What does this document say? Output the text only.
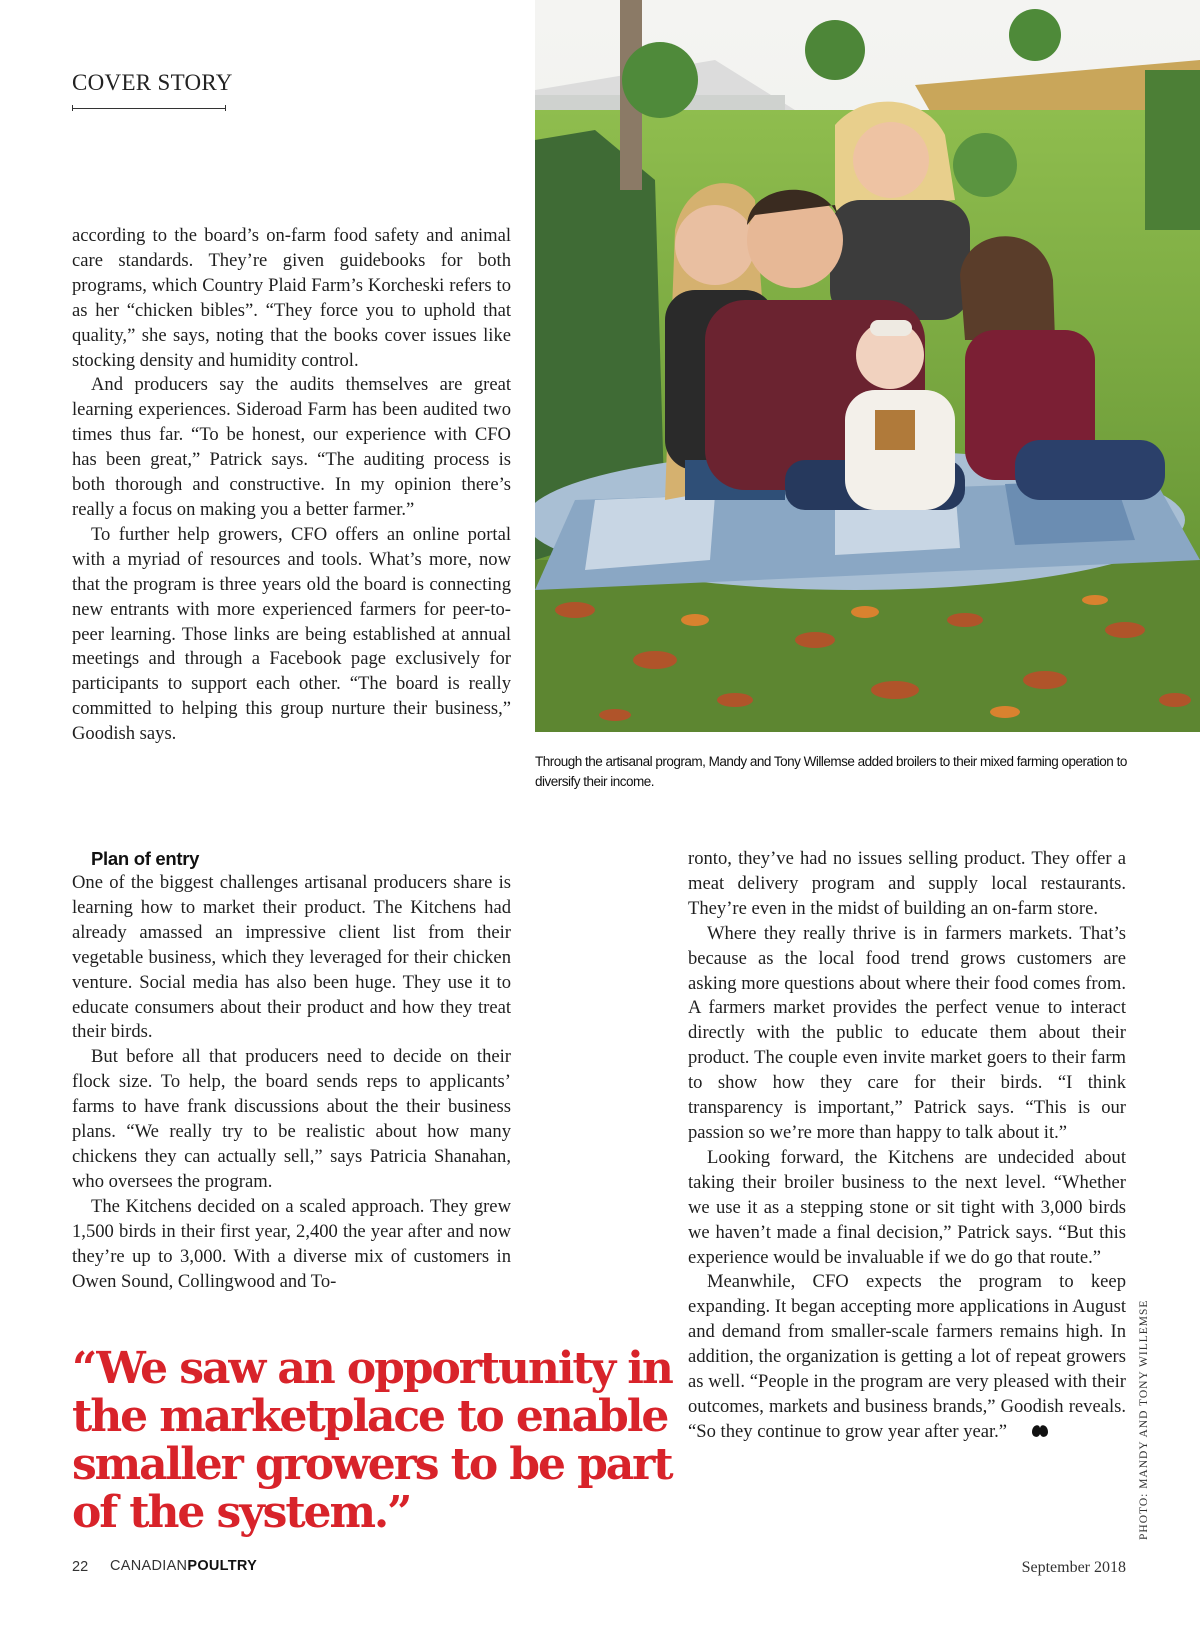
COVER STORY

according to the board’s on-farm food safety and animal care standards. They’re given guidebooks for both programs, which Country Plaid Farm’s Korcheski refers to as her “chicken bibles”. “They force you to uphold that quality,” she says, noting that the books cover issues like stocking density and humidity control.

And producers say the audits themselves are great learning experiences. Sideroad Farm has been audited two times thus far. “To be honest, our experience with CFO has been great,” Patrick says. “The auditing process is both thorough and constructive. In my opinion there’s really a focus on making you a better farmer.”

To further help growers, CFO offers an online portal with a myriad of resources and tools. What’s more, now that the program is three years old the board is connecting new entrants with more experienced farmers for peer-to-peer learning. Those links are being established at annual meetings and through a Facebook page exclusively for participants to support each other. “The board is really committed to helping this group nurture their business,” Goodish says.

Through the artisanal program, Mandy and Tony Willemse added broilers to their mixed farming operation to diversify their income.

Plan of entry

One of the biggest challenges artisanal producers share is learning how to market their product. The Kitchens had already amassed an impressive client list from their vegetable business, which they leveraged for their chicken venture. Social media has also been huge. They use it to educate consumers about their product and how they treat their birds.

But before all that producers need to decide on their flock size. To help, the board sends reps to applicants’ farms to have frank discussions about the their business plans. “We really try to be realistic about how many chickens they can actually sell,” says Patricia Shanahan, who oversees the program.

The Kitchens decided on a scaled approach. They grew 1,500 birds in their first year, 2,400 the year after and now they’re up to 3,000. With a diverse mix of customers in Owen Sound, Collingwood and To-

ronto, they’ve had no issues selling product. They offer a meat delivery program and supply local restaurants. They’re even in the midst of building an on-farm store.

Where they really thrive is in farmers markets. That’s because as the local food trend grows customers are asking more questions about where their food comes from. A farmers market provides the perfect venue to interact directly with the public to educate them about their product. The couple even invite market goers to their farm to show how they care for their birds. “I think transparency is important,” Patrick says. “This is our passion so we’re more than happy to talk about it.”

Looking forward, the Kitchens are undecided about taking their broiler business to the next level. “Whether we use it as a stepping stone or sit tight with 3,000 birds we haven’t made a final decision,” Patrick says. “But this experience would be invaluable if we do go that route.”

Meanwhile, CFO expects the program to keep expanding. It began accepting more applications in August and demand from smaller-scale farmers remains high. In addition, the organization is getting a lot of repeat growers as well. “People in the program are very pleased with their outcomes, markets and business brands,” Goodish reveals. “So they continue to grow year after year.”

“We saw an opportunity in the marketplace to enable smaller growers to be part of the system.”	PHOTO: MANDY AND TONY WILLEMSE
22 CANADIANPOULTRY	September 2018
